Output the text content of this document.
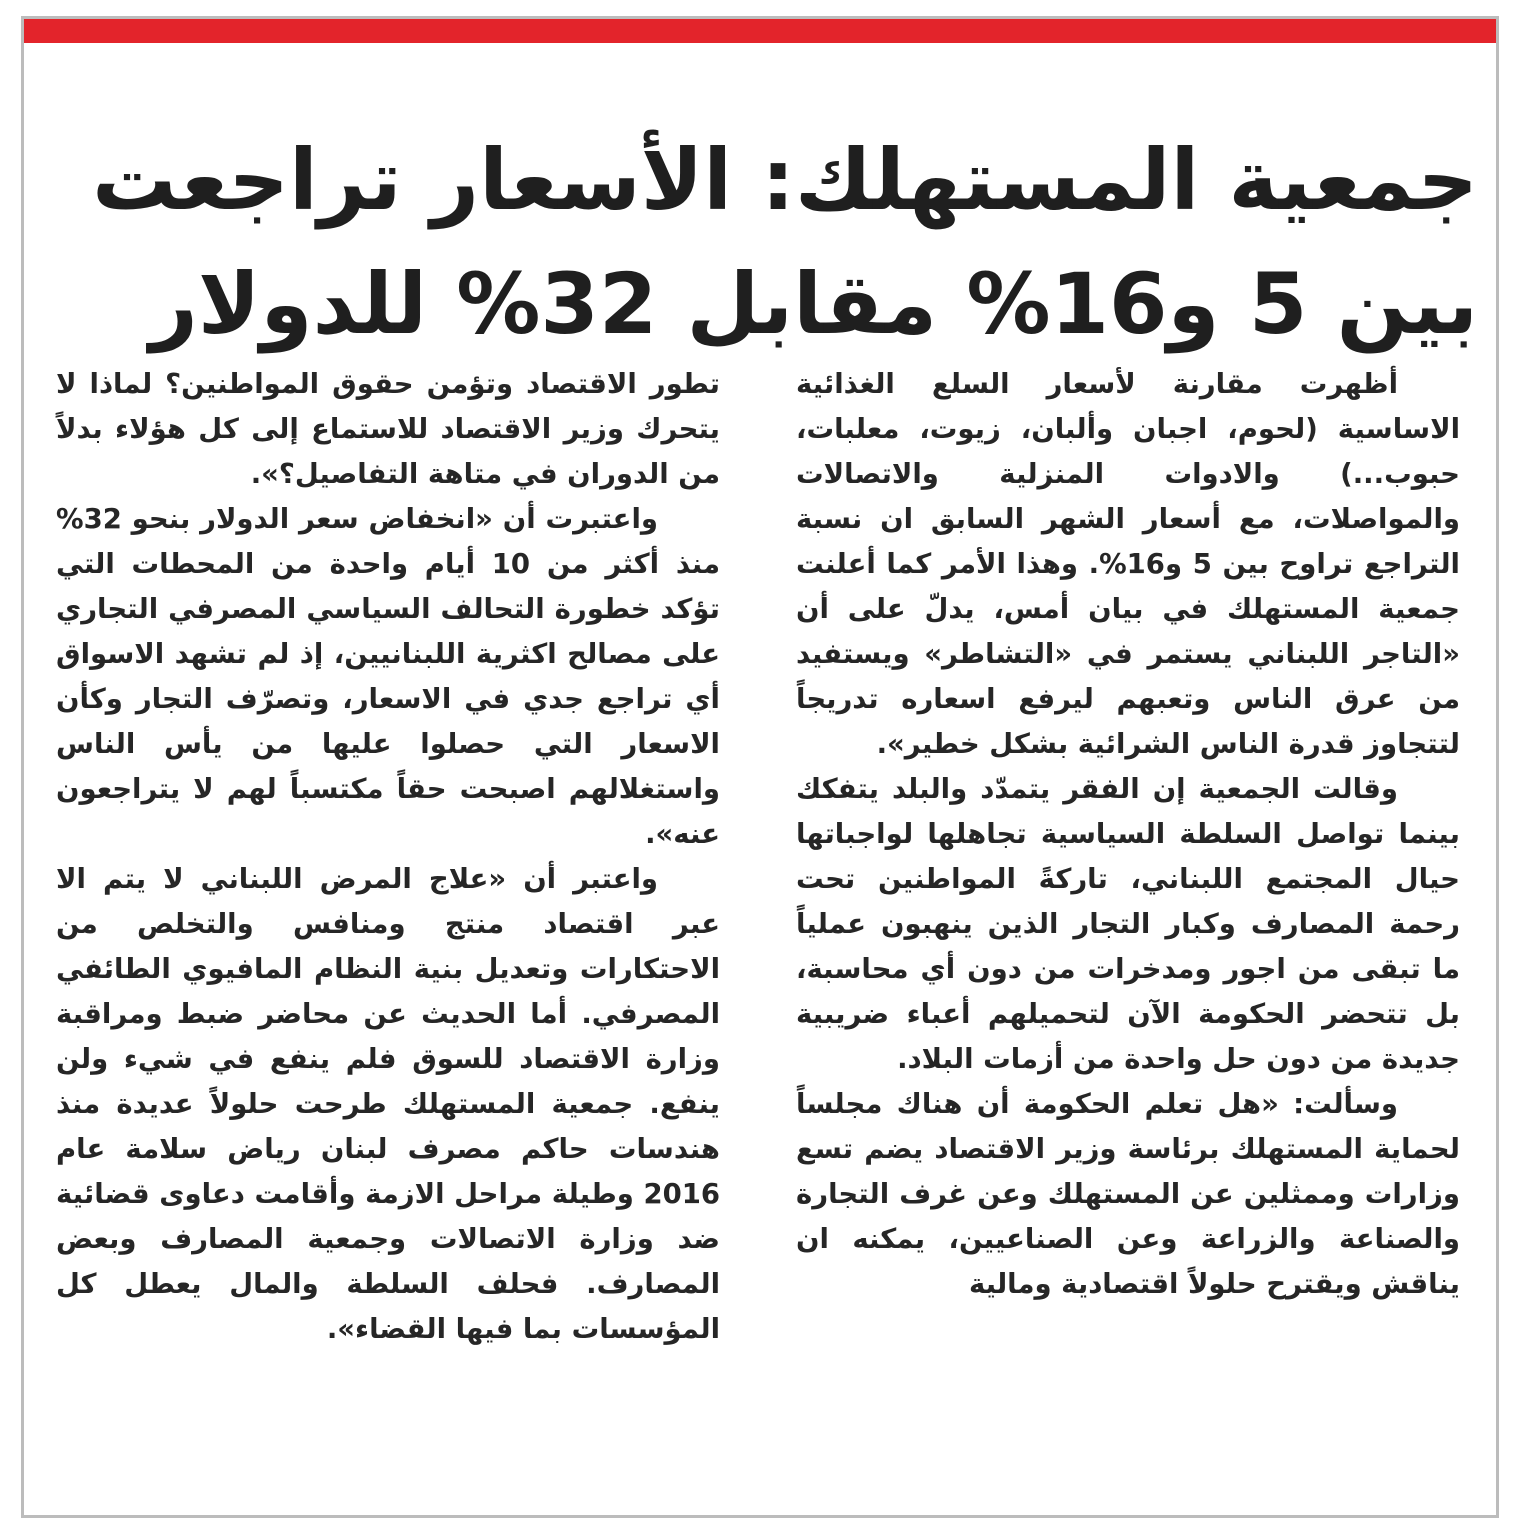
جمعية المستهلك: الأسعار تراجعت
بين 5 و16% مقابل 32% للدولار

أظهرت مقارنة لأسعار السلع الغذائية الاساسية (لحوم، اجبان وألبان، زيوت، معلبات، حبوب...) والادوات المنزلية والاتصالات والمواصلات، مع أسعار الشهر السابق ان نسبة التراجع تراوح بين 5 و16%. وهذا الأمر كما أعلنت جمعية المستهلك في بيان أمس، يدلّ على أن «التاجر اللبناني يستمر في «التشاطر» ويستفيد من عرق الناس وتعبهم ليرفع اسعاره تدريجاً لتتجاوز قدرة الناس الشرائية بشكل خطير».

وقالت الجمعية إن الفقر يتمدّد والبلد يتفكك بينما تواصل السلطة السياسية تجاهلها لواجباتها حيال المجتمع اللبناني، تاركةً المواطنين تحت رحمة المصارف وكبار التجار الذين ينهبون عملياً ما تبقى من اجور ومدخرات من دون أي محاسبة، بل تتحضر الحكومة الآن لتحميلهم أعباء ضريبية جديدة من دون حل واحدة من أزمات البلاد.

وسألت: «هل تعلم الحكومة أن هناك مجلساً لحماية المستهلك برئاسة وزير الاقتصاد يضم تسع وزارات وممثلين عن المستهلك وعن غرف التجارة والصناعة والزراعة وعن الصناعيين، يمكنه ان يناقش ويقترح حلولاً اقتصادية ومالية

تطور الاقتصاد وتؤمن حقوق المواطنين؟ لماذا لا يتحرك وزير الاقتصاد للاستماع إلى كل هؤلاء بدلاً من الدوران في متاهة التفاصيل؟».

واعتبرت أن «انخفاض سعر الدولار بنحو 32% منذ أكثر من 10 أيام واحدة من المحطات التي تؤكد خطورة التحالف السياسي المصرفي التجاري على مصالح اكثرية اللبنانيين، إذ لم تشهد الاسواق أي تراجع جدي في الاسعار، وتصرّف التجار وكأن الاسعار التي حصلوا عليها من يأس الناس واستغلالهم اصبحت حقاً مكتسباً لهم لا يتراجعون عنه».

واعتبر أن «علاج المرض اللبناني لا يتم الا عبر اقتصاد منتج ومنافس والتخلص من الاحتكارات وتعديل بنية النظام المافيوي الطائفي المصرفي. أما الحديث عن محاضر ضبط ومراقبة وزارة الاقتصاد للسوق فلم ينفع في شيء ولن ينفع. جمعية المستهلك طرحت حلولاً عديدة منذ هندسات حاكم مصرف لبنان رياض سلامة عام 2016 وطيلة مراحل الازمة وأقامت دعاوى قضائية ضد وزارة الاتصالات وجمعية المصارف وبعض المصارف. فحلف السلطة والمال يعطل كل المؤسسات بما فيها القضاء».
